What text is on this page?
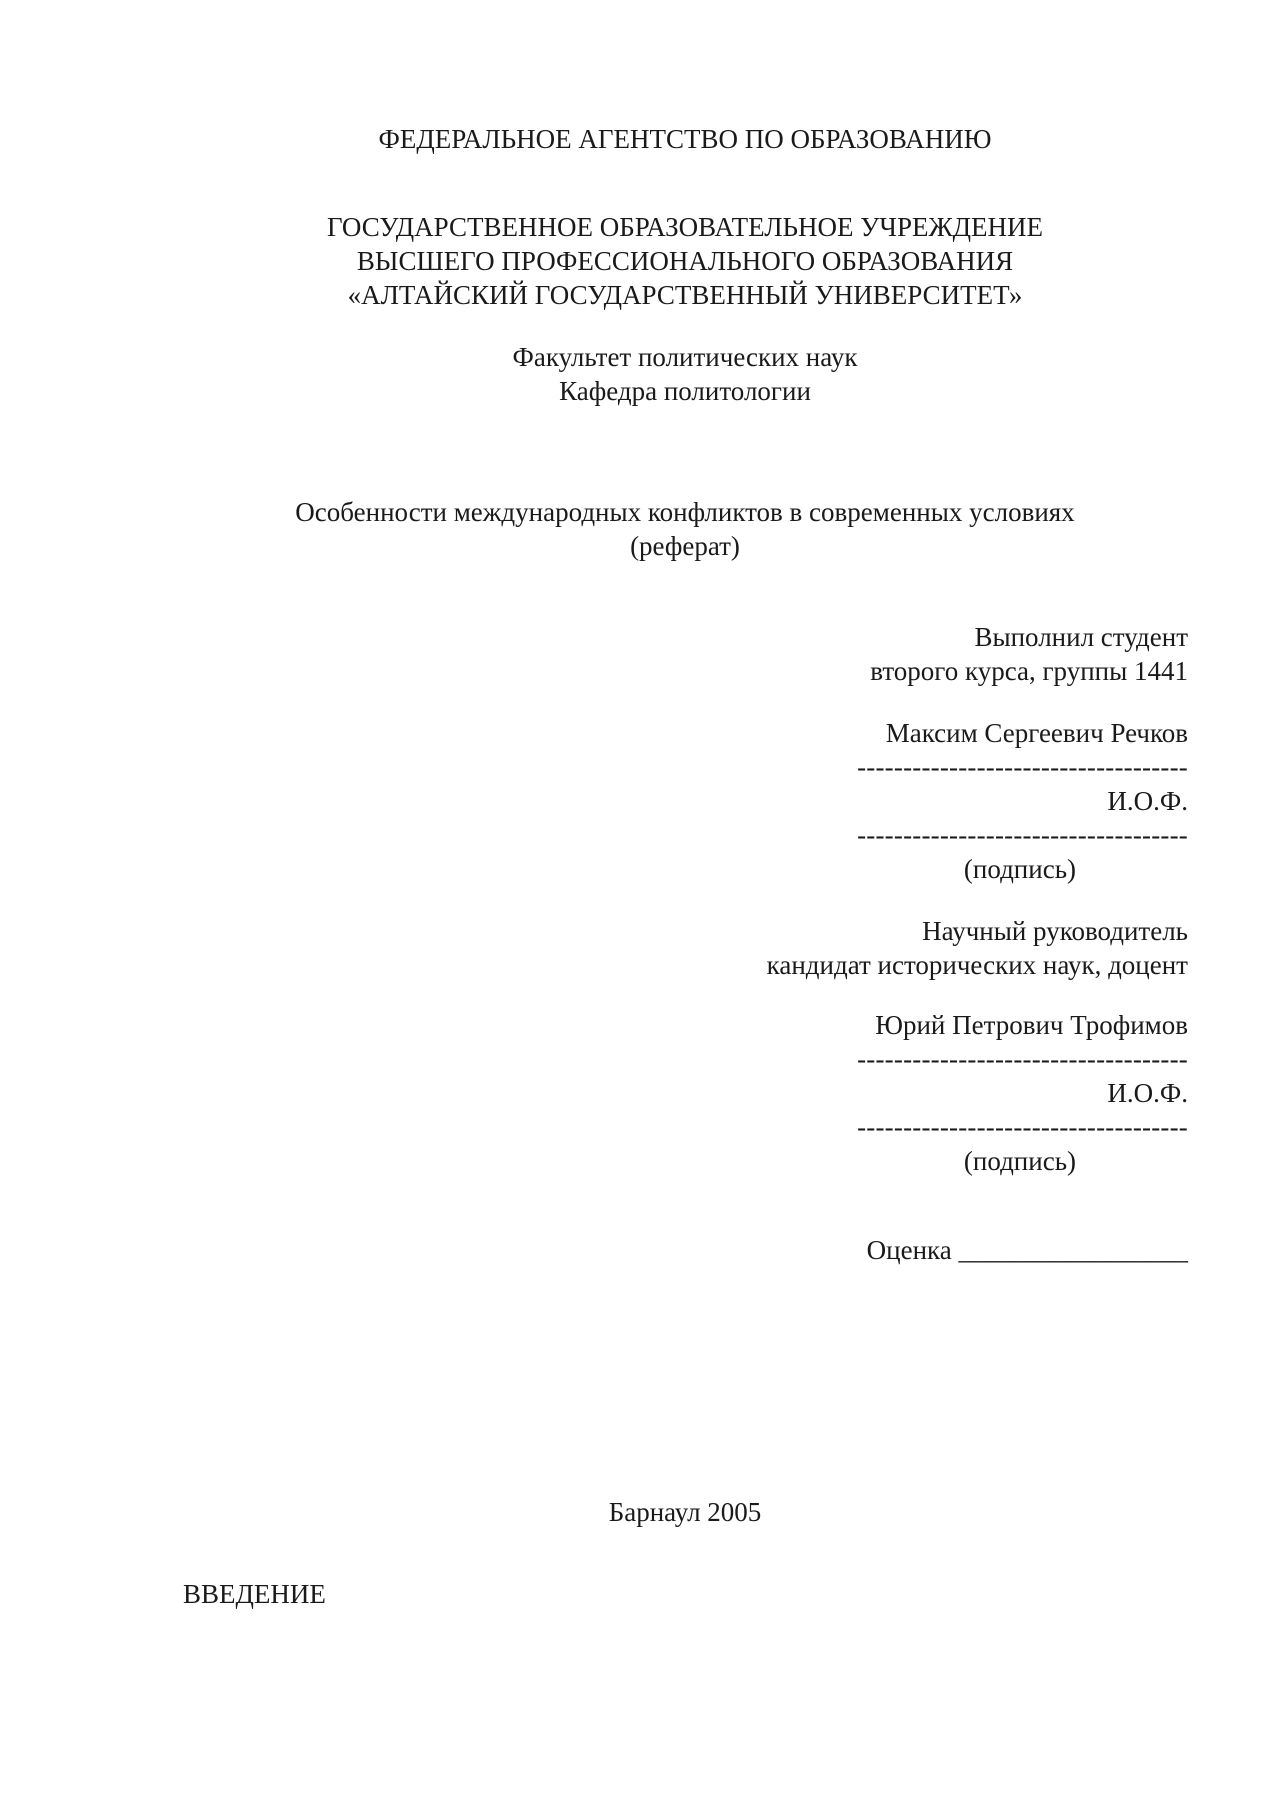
ФЕДЕРАЛЬНОЕ АГЕНТСТВО ПО ОБРАЗОВАНИЮ
ГОСУДАРСТВЕННОЕ ОБРАЗОВАТЕЛЬНОЕ УЧРЕЖДЕНИЕ
ВЫСШЕГО ПРОФЕССИОНАЛЬНОГО ОБРАЗОВАНИЯ
«АЛТАЙСКИЙ ГОСУДАРСТВЕННЫЙ УНИВЕРСИТЕТ»
Факультет политических наук
Кафедра политологии
Особенности международных конфликтов в современных условиях
(реферат)
Выполнил студент
второго курса, группы 1441
Максим Сергеевич Речков
------------------------------------
И.О.Ф.
------------------------------------
(подпись)
Научный руководитель
кандидат исторических наук, доцент
Юрий Петрович Трофимов
------------------------------------
И.О.Ф.
------------------------------------
(подпись)
Оценка _________________
Барнаул 2005
ВВЕДЕНИЕ
